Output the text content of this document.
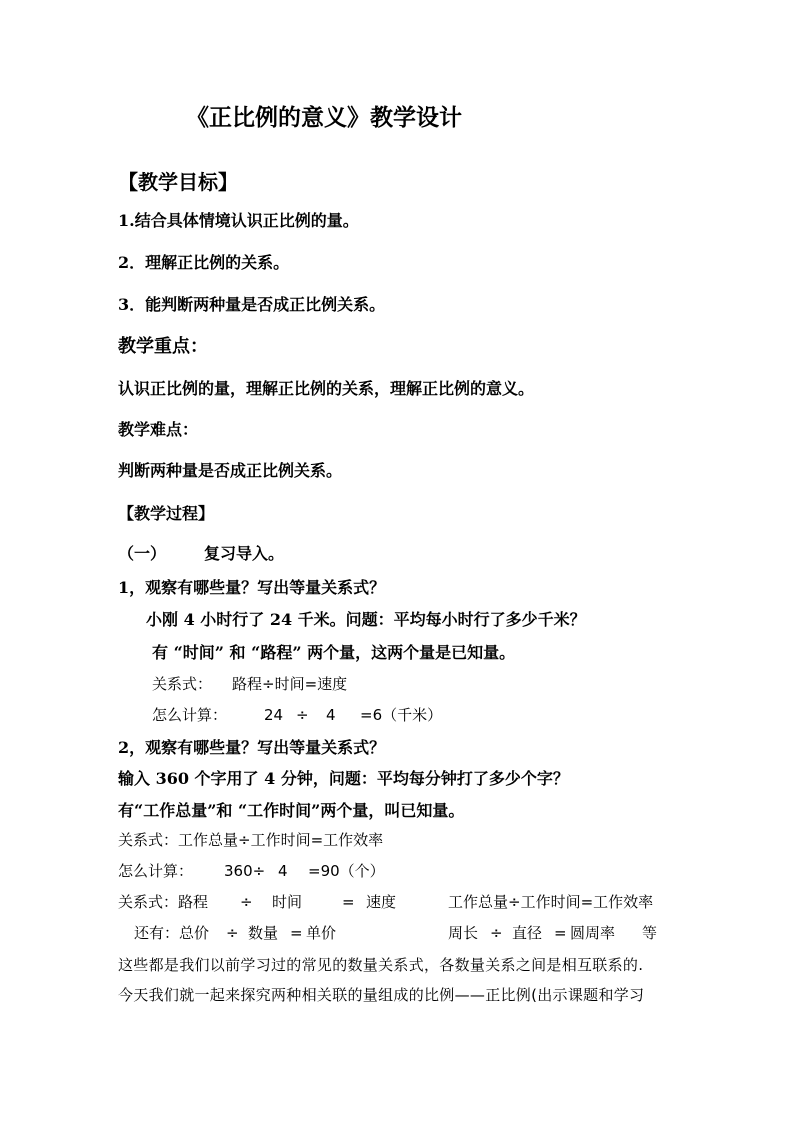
《正比例的意义》教学设计
【教学目标】
1.结合具体情境认识正比例的量。
2．理解正比例的关系。
3．能判断两种量是否成正比例关系。
教学重点：
认识正比例的量，理解正比例的关系，理解正比例的意义。
教学难点：
判断两种量是否成正比例关系。
【教学过程】
（一） 复习导入。
1，观察有哪些量？写出等量关系式？
小刚 4 小时行了 24 千米。问题：平均每小时行了多少千米？
有 “时间” 和 “路程” 两个量，这两个量是已知量。
关系式： 路程÷时间=速度
怎么计算： 24 ÷ 4 =6（千米）
2，观察有哪些量？写出等量关系式？
输入 360 个字用了 4 分钟，问题：平均每分钟打了多少个字？
有“工作总量”和 “工作时间”两个量，叫已知量。
关系式：工作总量÷工作时间=工作效率
怎么计算： 360÷ 4 =90（个）
关系式：路程 ÷ 时间	= 速度	工作总量÷工作时间=工作效率
还有：总价 ÷ 数量 = 单价	周长 ÷ 直径 = 圆周率 等
这些都是我们以前学习过的常见的数量关系式，各数量关系之间是相互联系的.
今天我们就一起来探究两种相关联的量组成的比例——正比例(出示课题和学习
